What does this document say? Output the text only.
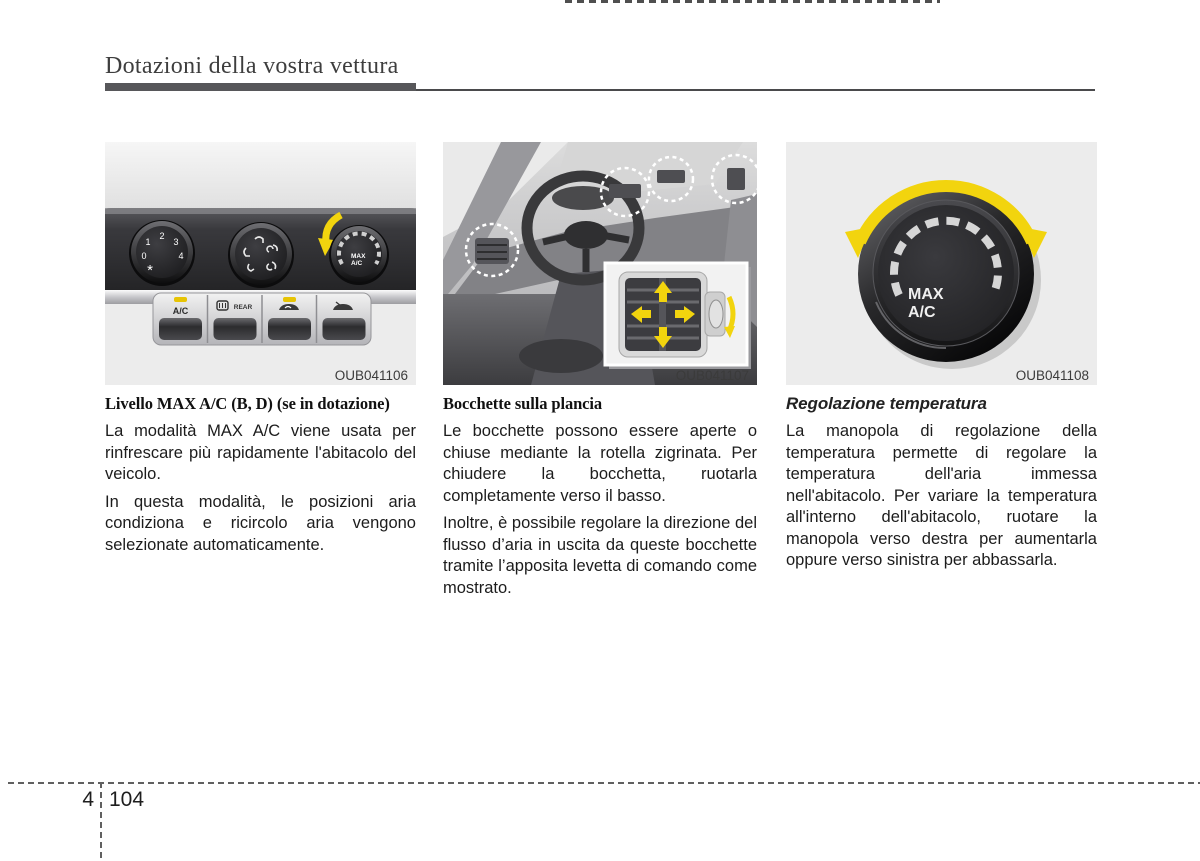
Dotazioni della vostra vettura
2
1	3
0	4
*
MAX
A/C
A/C	REAR
OUB041106	OUB041107
MAX
A/C
OUB041108
Livello MAX A/C (B, D) (se in dotazione)

La modalità MAX A/C viene usata per rinfrescare più rapidamente l'abitacolo del veicolo.

In questa modalità, le posizioni aria condiziona e ricircolo aria vengono selezionate automaticamente.

Bocchette sulla plancia

Le bocchette possono essere aperte o chiuse mediante la rotella zigrinata. Per chiudere la bocchetta, ruotarla completamente verso il basso.

Inoltre, è possibile regolare la direzione del flusso d’aria in uscita da queste bocchette tramite l’apposita levetta di comando come mostrato.

Regolazione temperatura

La manopola di regolazione della temperatura permette di regolare la temperatura dell'aria immessa nell'abitacolo. Per variare la temperatura all'interno dell'abitacolo, ruotare la manopola verso destra per aumentarla oppure verso sinistra per abbassarla.

4 104
